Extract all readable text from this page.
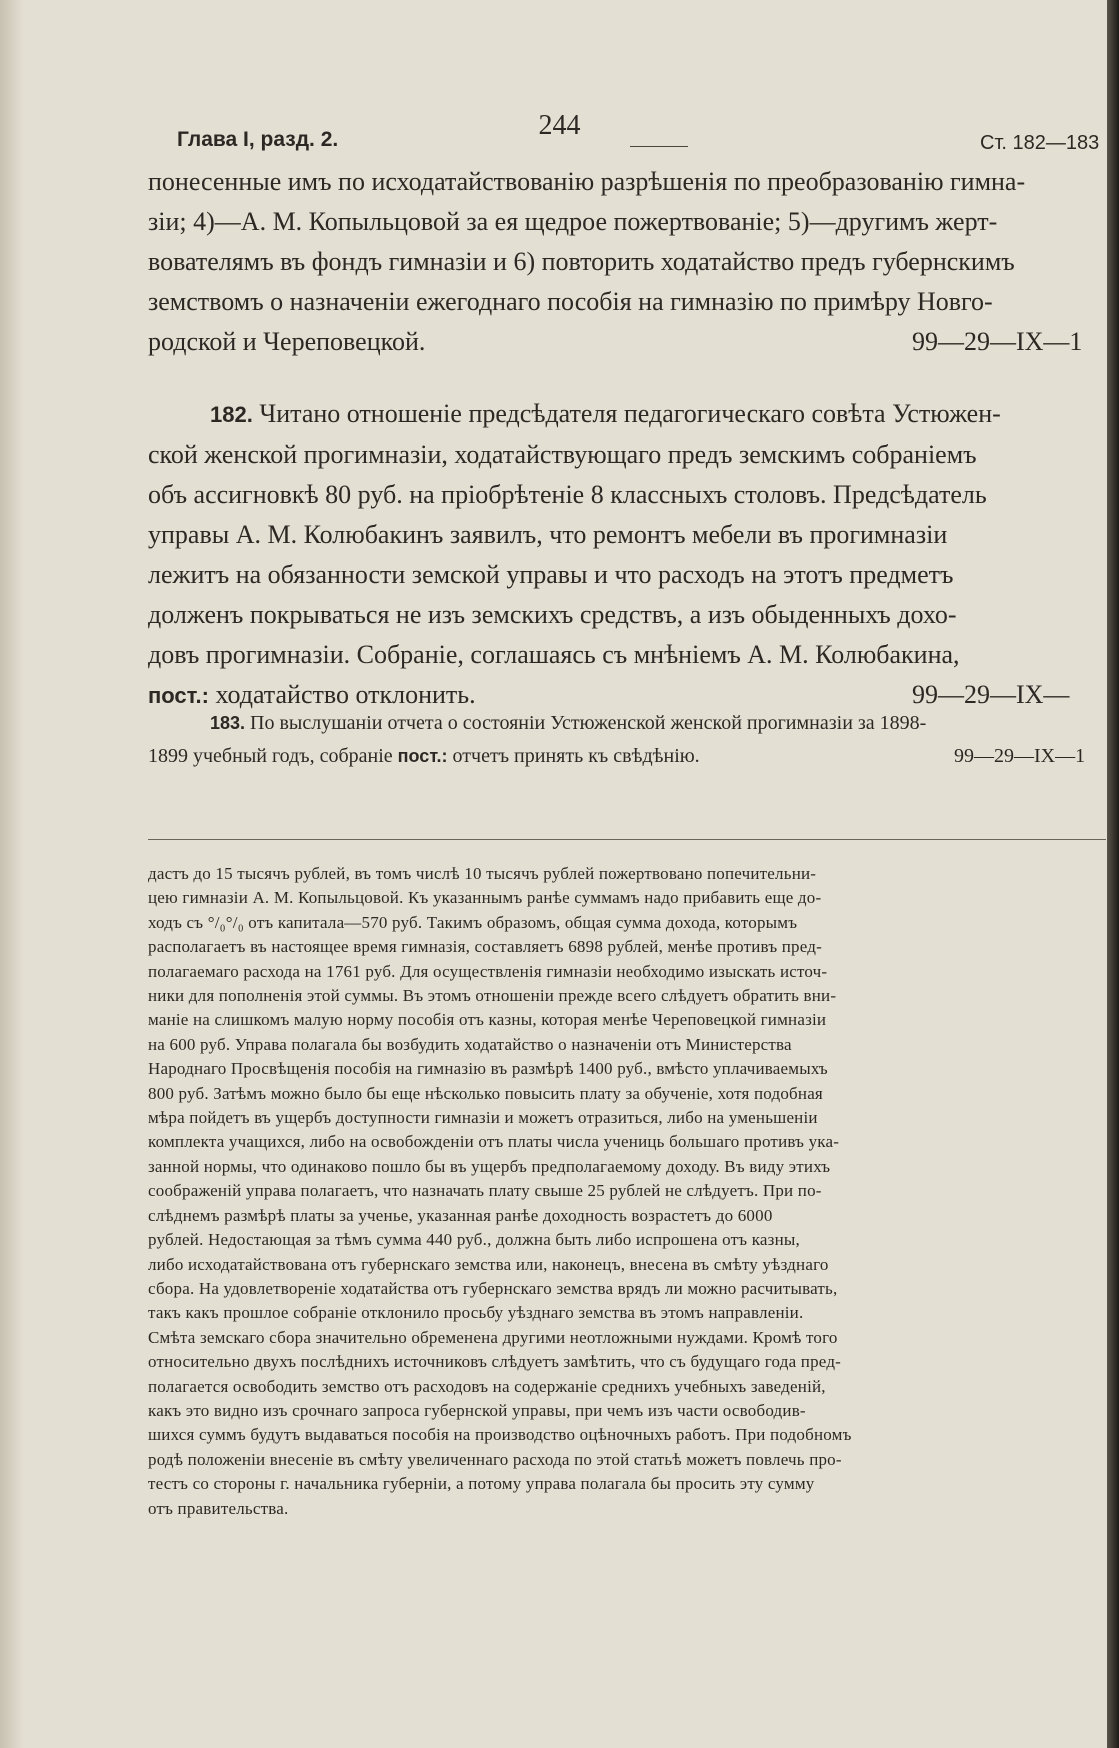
Глава I, разд. 2.	244
Ст. 182—183
понесенные имъ по исходатайствованію разрѣшенія по преобразованію гимна-
зіи; 4)—А. М. Копыльцовой за ея щедрое пожертвованіе; 5)—другимъ жерт-
вователямъ въ фондъ гимназіи и 6) повторить ходатайство предъ губернскимъ
земствомъ о назначеніи ежегоднаго пособія на гимназію по примѣру Новго-
родской и Череповецкой.	99—29—IX—1
182. Читано отношеніе предсѣдателя педагогическаго совѣта Устюжен-
ской женской прогимназіи, ходатайствующаго предъ земскимъ собраніемъ
объ ассигновкѣ 80 руб. на пріобрѣтеніе 8 классныхъ столовъ. Предсѣдатель
управы А. М. Колюбакинъ заявилъ, что ремонтъ мебели въ прогимназіи
лежитъ на обязанности земской управы и что расходъ на этотъ предметъ
долженъ покрываться не изъ земскихъ средствъ, а изъ обыденныхъ дохо-
довъ прогимназіи. Собраніе, соглашаясь съ мнѣніемъ А. М. Колюбакина,
пост.: ходатайство отклонить.	99—29—IX—
183. По выслушаніи отчета о состояніи Устюженской женской прогимназіи за 1898-
1899 учебный годъ, собраніе пост.: отчетъ принять къ свѣдѣнію.	99—29—IX—1
дастъ до 15 тысячъ рублей, въ томъ числѣ 10 тысячъ рублей пожертвовано попечительни-
цею гимназіи А. М. Копыльцовой. Къ указаннымъ ранѣе суммамъ надо прибавить еще до-
ходъ съ °/₀°/₀ отъ капитала—570 руб. Такимъ образомъ, общая сумма дохода, которымъ
располагаетъ въ настоящее время гимназія, составляетъ 6898 рублей, менѣе противъ пред-
полагаемаго расхода на 1761 руб. Для осуществленія гимназіи необходимо изыскать источ-
ники для пополненія этой суммы. Въ этомъ отношеніи прежде всего слѣдуетъ обратить вни-
маніе на слишкомъ малую норму пособія отъ казны, которая менѣе Череповецкой гимназіи
на 600 руб. Управа полагала бы возбудить ходатайство о назначеніи отъ Министерства
Народнаго Просвѣщенія пособія на гимназію въ размѣрѣ 1400 руб., вмѣсто уплачиваемыхъ
800 руб. Затѣмъ можно было бы еще нѣсколько повысить плату за обученіе, хотя подобная
мѣра пойдетъ въ ущербъ доступности гимназіи и можетъ отразиться, либо на уменьшеніи
комплекта учащихся, либо на освобожденіи отъ платы числа учениць большаго противъ ука-
занной нормы, что одинаково пошло бы въ ущербъ предполагаемому доходу. Въ виду этихъ
соображеній управа полагаетъ, что назначать плату свыше 25 рублей не слѣдуетъ. При по-
слѣднемъ размѣрѣ платы за ученье, указанная ранѣе доходность возрастетъ до 6000
рублей. Недостающая за тѣмъ сумма 440 руб., должна быть либо испрошена отъ казны,
либо исходатайствована отъ губернскаго земства или, наконецъ, внесена въ смѣту уѣзднаго
сбора. На удовлетвореніе ходатайства отъ губернскаго земства врядъ ли можно расчитывать,
такъ какъ прошлое собраніе отклонило просьбу уѣзднаго земства въ этомъ направленіи.
Смѣта земскаго сбора значительно обременена другими неотложными нуждами. Кромѣ того
относительно двухъ послѣднихъ источниковъ слѣдуетъ замѣтить, что съ будущаго года пред-
полагается освободить земство отъ расходовъ на содержаніе среднихъ учебныхъ заведеній,
какъ это видно изъ срочнаго запроса губернской управы, при чемъ изъ части освободив-
шихся суммъ будутъ выдаваться пособія на производство оцѣночныхъ работъ. При подобномъ
родѣ положеніи внесеніе въ смѣту увеличеннаго расхода по этой статьѣ можетъ повлечь про-
тестъ со стороны г. начальника губерніи, а потому управа полагала бы просить эту сумму
отъ правительства.
